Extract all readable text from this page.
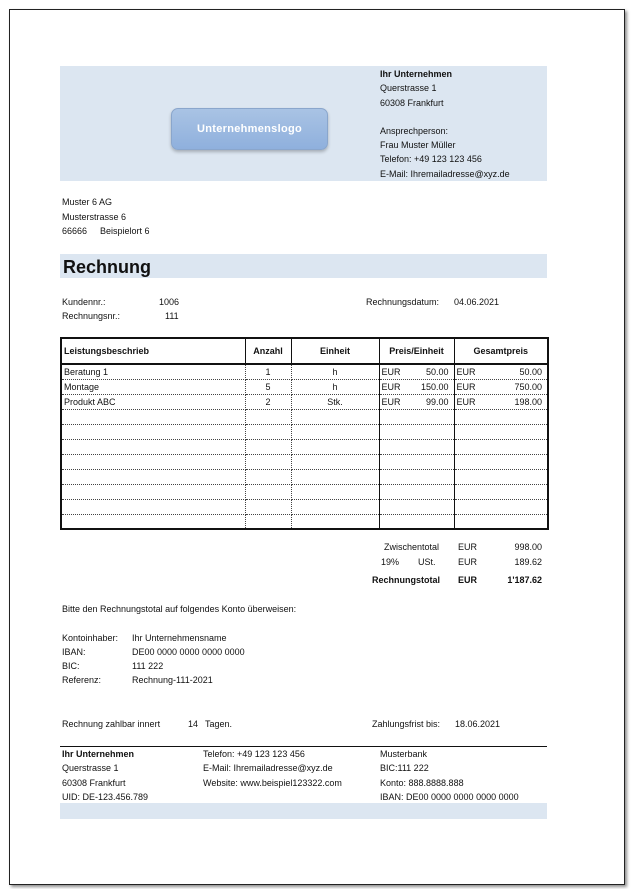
Unternehmenslogo
Ihr Unternehmen
Querstrasse 1
60308 Frankfurt
Ansprechperson:
Frau Muster Müller
Telefon: +49 123 123 456
E-Mail: Ihremailadresse@xyz.de
Muster 6 AG
Musterstrasse 6
66666 Beispielort 6
Rechnung
Kundennr.:	1006
Rechnungsnr.:	111
Rechnungsdatum: 04.06.2021
Leistungsbeschrieb	Anzahl	Einheit	Preis/Einheit	Gesamtpreis
Beratung 1	1	h	EUR 50.00	EUR 50.00

Montage	5	h	EUR 150.00	EUR 750.00

Produkt ABC	2	Stk.	EUR 99.00	EUR 198.00

Zwischentotal EUR	998.00
19% USt. EUR	189.62
Rechnungstotal EUR	1'187.62
Bitte den Rechnungstotal auf folgendes Konto überweisen:
Kontoinhaber: Ihr Unternehmensname
IBAN:	DE00 0000 0000 0000 0000
BIC:	111 222
Referenz:	Rechnung-111-2021
Rechnung zahlbar innert	14 Tagen.	Zahlungsfrist bis: 18.06.2021
Ihr Unternehmen
Querstrasse 1
60308 Frankfurt
UID: DE-123.456.789
Telefon: +49 123 123 456
E-Mail: Ihremailadresse@xyz.de
Website: www.beispiel123322.com
Musterbank
BIC:111 222
Konto: 888.8888.888
IBAN: DE00 0000 0000 0000 0000
